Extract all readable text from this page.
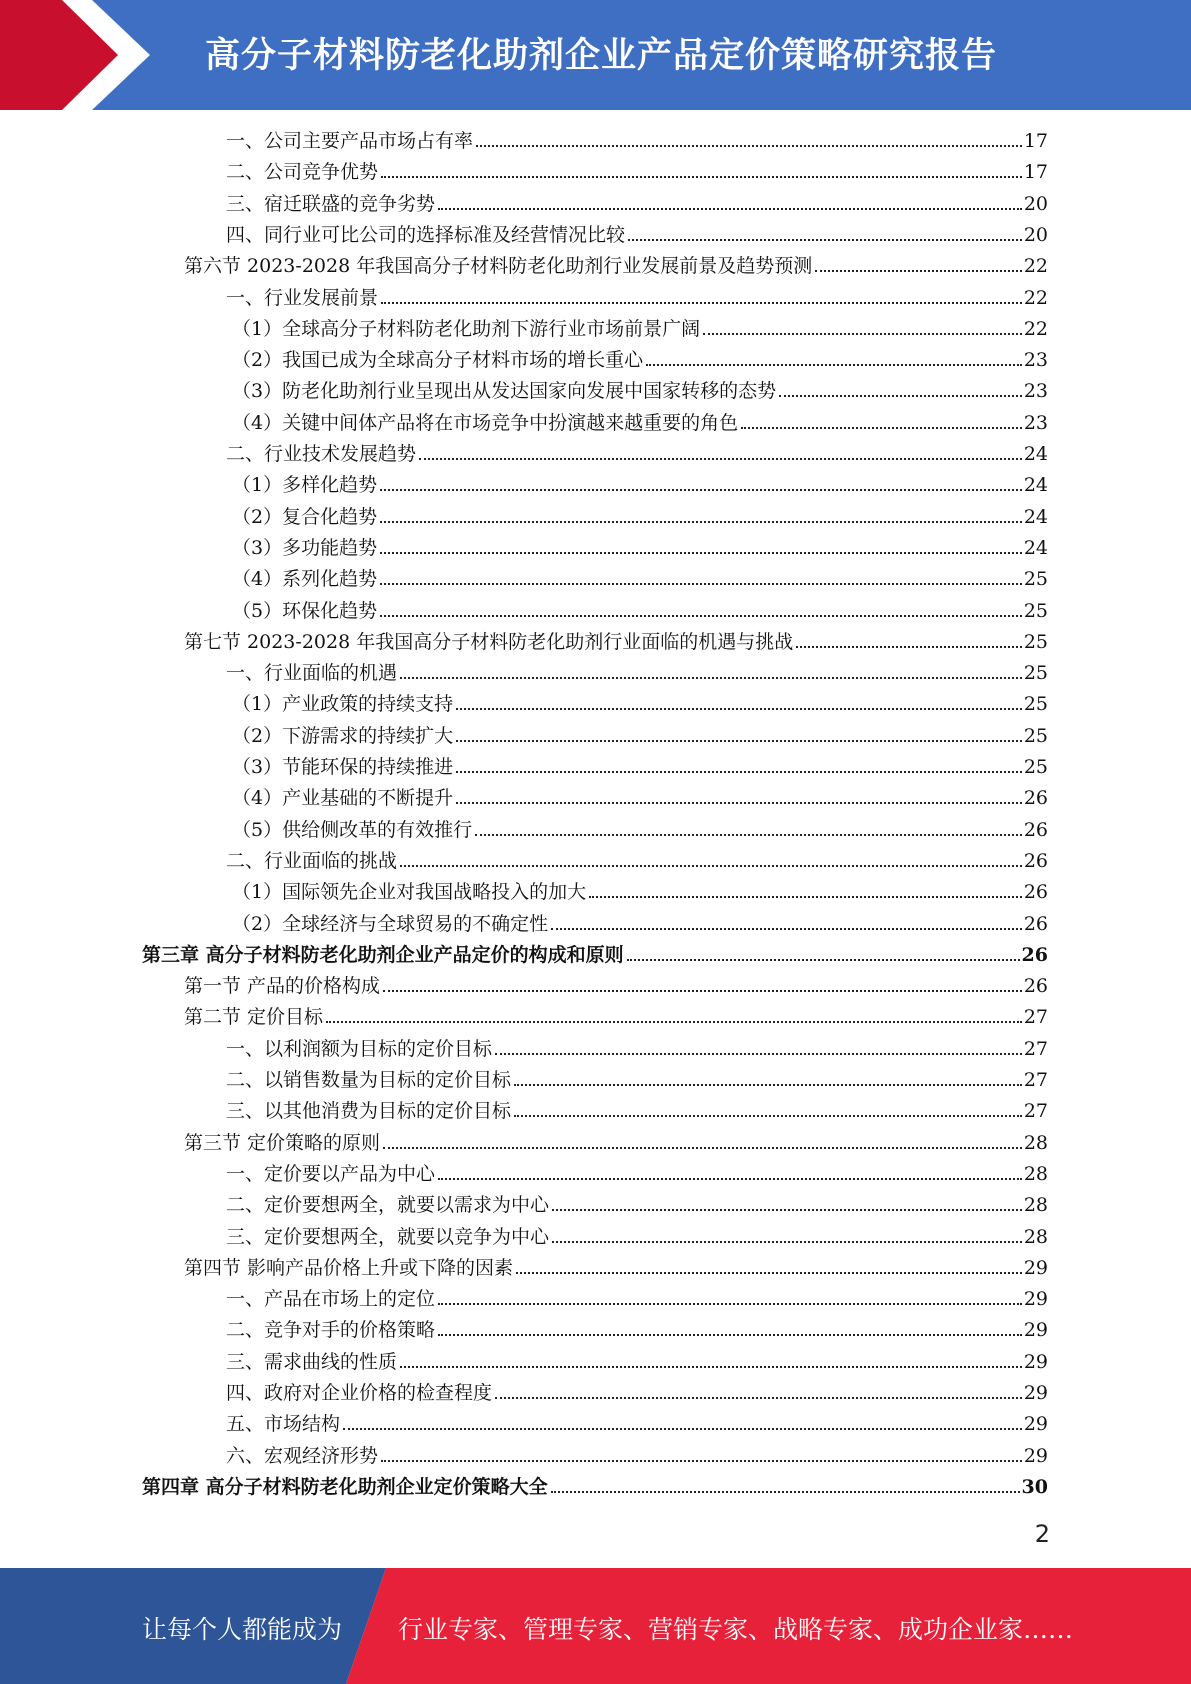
高分子材料防老化助剂企业产品定价策略研究报告
一、公司主要产品市场占有率	17
二、公司竞争优势	17
三、宿迁联盛的竞争劣势	20
四、同行业可比公司的选择标准及经营情况比较	20
第六节 2023-2028 年我国高分子材料防老化助剂行业发展前景及趋势预测	22
一、行业发展前景	22
（1）全球高分子材料防老化助剂下游行业市场前景广阔	22
（2）我国已成为全球高分子材料市场的增长重心	23
（3）防老化助剂行业呈现出从发达国家向发展中国家转移的态势	23
（4）关键中间体产品将在市场竞争中扮演越来越重要的角色	23
二、行业技术发展趋势	24
（1）多样化趋势	24
（2）复合化趋势	24
（3）多功能趋势	24
（4）系列化趋势	25
（5）环保化趋势	25
第七节 2023-2028 年我国高分子材料防老化助剂行业面临的机遇与挑战	25
一、行业面临的机遇	25
（1）产业政策的持续支持	25
（2）下游需求的持续扩大	25
（3）节能环保的持续推进	25
（4）产业基础的不断提升	26
（5）供给侧改革的有效推行	26
二、行业面临的挑战	26
（1）国际领先企业对我国战略投入的加大	26
（2）全球经济与全球贸易的不确定性	26
第三章 高分子材料防老化助剂企业产品定价的构成和原则	26
第一节 产品的价格构成	26
第二节 定价目标	27
一、以利润额为目标的定价目标	27
二、以销售数量为目标的定价目标	27
三、以其他消费为目标的定价目标	27
第三节 定价策略的原则	28
一、定价要以产品为中心	28
二、定价要想两全，就要以需求为中心	28
三、定价要想两全，就要以竞争为中心	28
第四节 影响产品价格上升或下降的因素	29
一、产品在市场上的定位	29
二、竞争对手的价格策略	29
三、需求曲线的性质	29
四、政府对企业价格的检查程度	29
五、市场结构	29
六、宏观经济形势	29
第四章 高分子材料防老化助剂企业定价策略大全	30
2
让每个人都能成为 行业专家、管理专家、营销专家、战略专家、成功企业家……
